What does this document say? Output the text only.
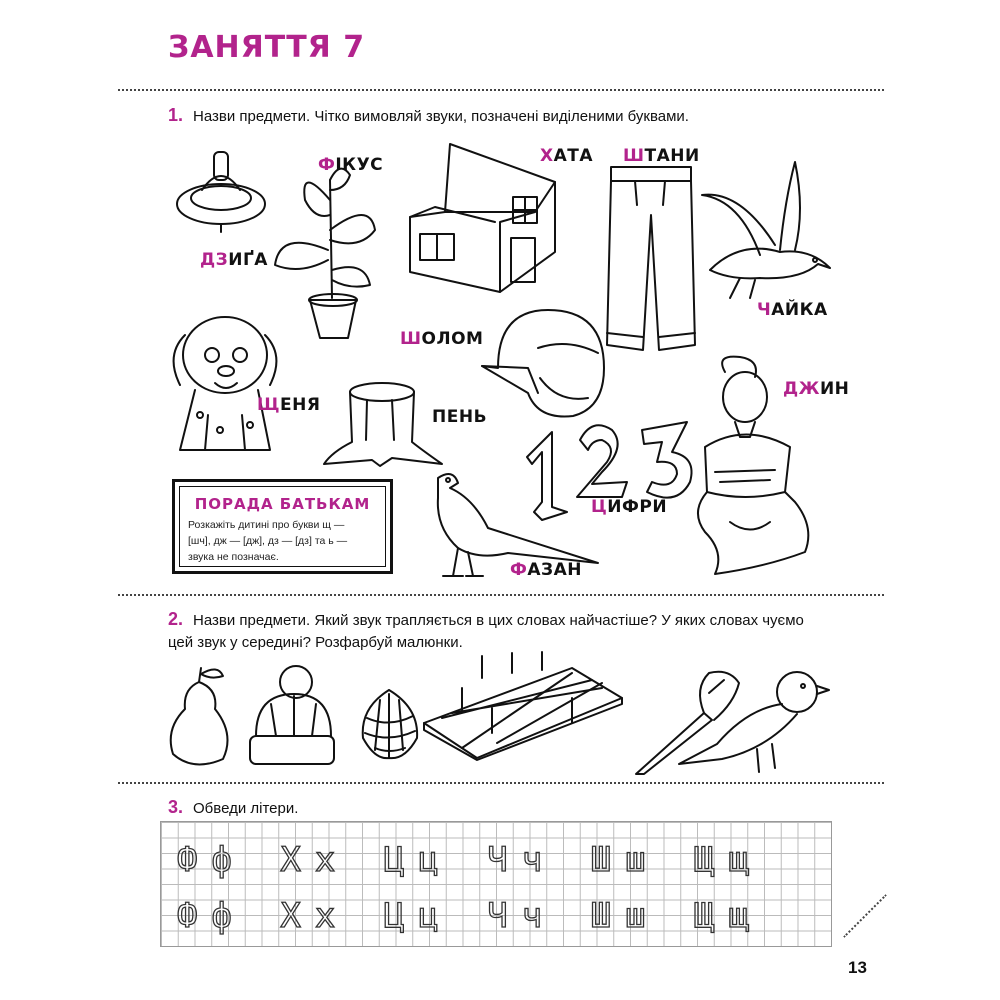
ЗАНЯТТЯ 7
1. Назви предмети. Чітко вимовляй звуки, позначені виділеними буквами.
ДЗИҐА
ФІКУС	ХАТА ШТАНИ
ЧАЙКА
ЩЕНЯ
ПЕНЬ
ШОЛОМ
ЦИФРИ
ДЖИН
ПОРАДА БАТЬКАМ
Розкажіть дитині про букви щ —
[шч], дж — [дж], дз — [дз] та ь —
звука не позначає.
ФАЗАН
2. Назви предмети. Який звук трапляється в цих словах найчастіше? У яких словах чуємо
цей звук у середині? Розфарбуй малюнки.
3. Обведи літери.
Фф Хх Цц Чч Шш Щщ
Фф Хх Цц Чч Шш Щщ
13
